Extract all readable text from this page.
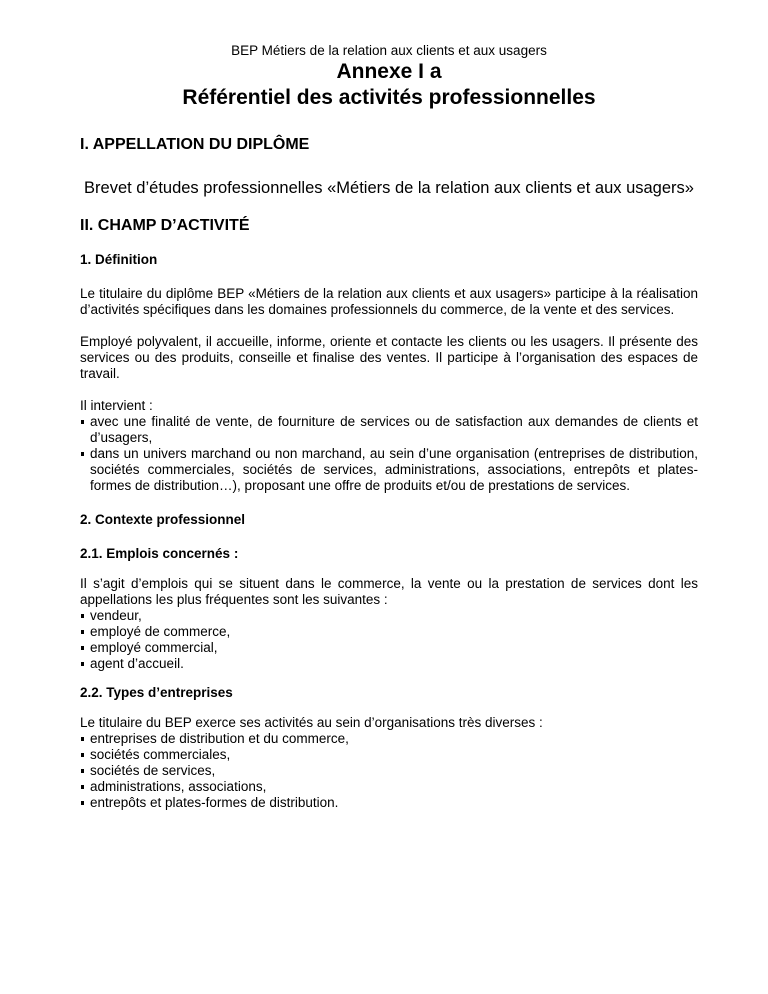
BEP Métiers de la relation aux clients et aux usagers
Annexe I a
Référentiel des activités professionnelles
I. APPELLATION DU DIPLÔME

Brevet d’études professionnelles «Métiers de la relation aux clients et aux usagers»

II. CHAMP D’ACTIVITÉ
1. Définition

Le titulaire du diplôme BEP «Métiers de la relation aux clients et aux usagers» participe à la réalisation d’activités spécifiques dans les domaines professionnels du commerce, de la vente et des services.

Employé polyvalent, il accueille, informe, oriente et contacte les clients ou les usagers. Il présente des services ou des produits, conseille et finalise des ventes. Il participe à l’organisation des espaces de travail.

Il intervient :

avec une finalité de vente, de fourniture de services ou de satisfaction aux demandes de clients et d’usagers,
dans un univers marchand ou non marchand, au sein d’une organisation (entreprises de distribution, sociétés commerciales, sociétés de services, administrations, associations, entrepôts et plates-formes de distribution…), proposant une offre de produits et/ou de prestations de services.
2. Contexte professionnel
2.1. Emplois concernés :

Il s’agit d’emplois qui se situent dans le commerce, la vente ou la prestation de services dont les appellations les plus fréquentes sont les suivantes :

vendeur,
employé de commerce,
employé commercial,
agent d’accueil.
2.2. Types d’entreprises

Le titulaire du BEP exerce ses activités au sein d’organisations très diverses :

entreprises de distribution et du commerce,
sociétés commerciales,
sociétés de services,
administrations, associations,
entrepôts et plates-formes de distribution.
